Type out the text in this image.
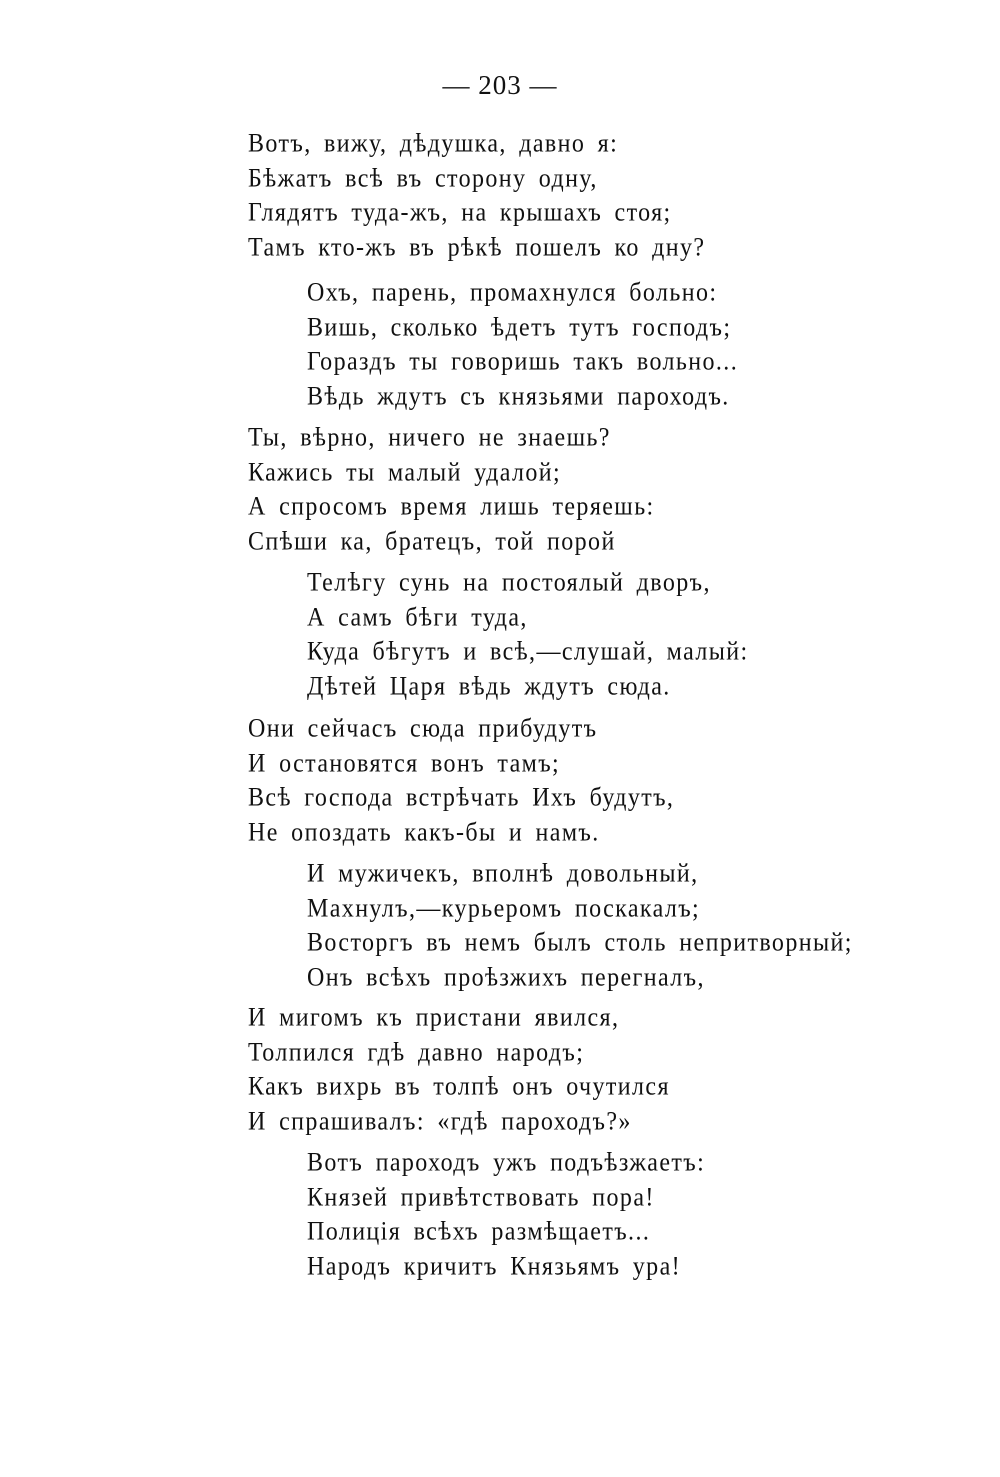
— 203 —
Вотъ, вижу, дѣдушка, давно я:
Бѣжатъ всѣ въ сторону одну,
Глядятъ туда-жъ, на крышахъ стоя;
Тамъ кто-жъ въ рѣкѣ пошелъ ко дну?
Охъ, парень, промахнулся больно:
Вишь, сколько ѣдетъ тутъ господъ;
Гораздъ ты говоришь такъ вольно...
Вѣдь ждутъ съ князьями пароходъ.
Ты, вѣрно, ничего не знаешь?
Кажись ты малый удалой;
А спросомъ время лишь теряешь:
Спѣши ка, братецъ, той порой
Телѣгу сунь на постоялый дворъ,
А самъ бѣги туда,
Куда бѣгутъ и всѣ,—слушай, малый:
Дѣтей Царя вѣдь ждутъ сюда.
Они сейчасъ сюда прибудутъ
И остановятся вонъ тамъ;
Всѣ господа встрѣчать Ихъ будутъ,
Не опоздать какъ-бы и намъ.
И мужичекъ, вполнѣ довольный,
Махнулъ,—курьеромъ поскакалъ;
Восторгъ въ немъ былъ столь непритворный;
Онъ всѣхъ проѣзжихъ перегналъ,
И мигомъ къ пристани явился,
Толпился гдѣ давно народъ;
Какъ вихрь въ толпѣ онъ очутился
И спрашивалъ: «гдѣ пароходъ?»
Вотъ пароходъ ужъ подъѣзжаетъ:
Князей привѣтствовать пора!
Полиція всѣхъ размѣщаетъ...
Народъ кричитъ Князьямъ ура!
